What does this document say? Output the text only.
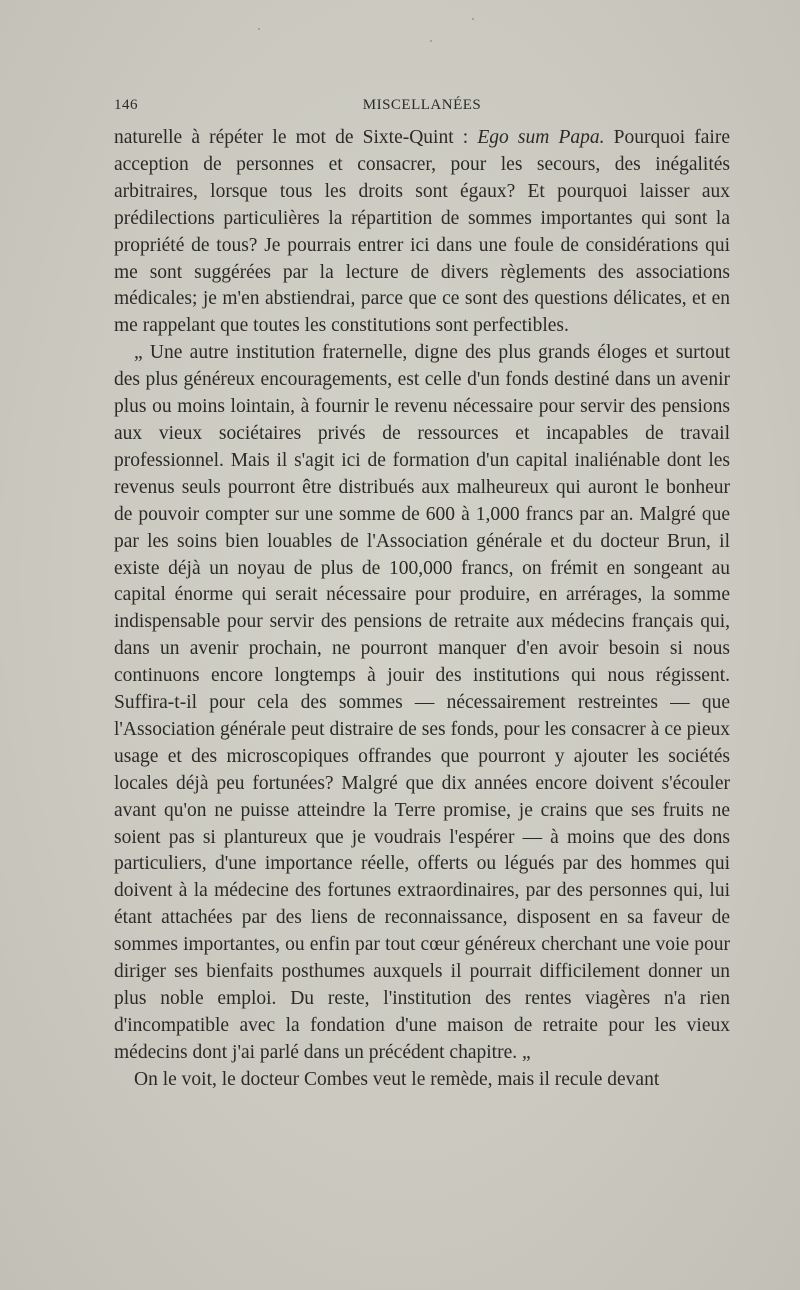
146	MISCELLANÉES

naturelle à répéter le mot de Sixte-Quint : Ego sum Papa. Pourquoi faire acception de personnes et consacrer, pour les secours, des inégalités arbitraires, lorsque tous les droits sont égaux? Et pourquoi laisser aux prédilections particulières la répartition de sommes importantes qui sont la propriété de tous? Je pourrais entrer ici dans une foule de considérations qui me sont suggérées par la lecture de divers règlements des associations médicales; je m'en abstiendrai, parce que ce sont des questions délicates, et en me rappelant que toutes les constitutions sont perfectibles.

„ Une autre institution fraternelle, digne des plus grands éloges et surtout des plus généreux encouragements, est celle d'un fonds destiné dans un avenir plus ou moins lointain, à fournir le revenu nécessaire pour servir des pensions aux vieux sociétaires privés de ressources et incapables de travail professionnel. Mais il s'agit ici de formation d'un capital inaliénable dont les revenus seuls pourront être distribués aux malheureux qui auront le bonheur de pouvoir compter sur une somme de 600 à 1,000 francs par an. Malgré que par les soins bien louables de l'Association générale et du docteur Brun, il existe déjà un noyau de plus de 100,000 francs, on frémit en songeant au capital énorme qui serait nécessaire pour produire, en arrérages, la somme indispensable pour servir des pensions de retraite aux médecins français qui, dans un avenir prochain, ne pourront manquer d'en avoir besoin si nous continuons encore longtemps à jouir des institutions qui nous régissent. Suffira-t-il pour cela des sommes — nécessairement restreintes — que l'Association générale peut distraire de ses fonds, pour les consacrer à ce pieux usage et des microscopiques offrandes que pourront y ajouter les sociétés locales déjà peu fortunées? Malgré que dix années encore doivent s'écouler avant qu'on ne puisse atteindre la Terre promise, je crains que ses fruits ne soient pas si plantureux que je voudrais l'espérer — à moins que des dons particuliers, d'une importance réelle, offerts ou légués par des hommes qui doivent à la médecine des fortunes extraordinaires, par des personnes qui, lui étant attachées par des liens de reconnaissance, disposent en sa faveur de sommes importantes, ou enfin par tout cœur généreux cherchant une voie pour diriger ses bienfaits posthumes auxquels il pourrait difficilement donner un plus noble emploi. Du reste, l'institution des rentes viagères n'a rien d'incompatible avec la fondation d'une maison de retraite pour les vieux médecins dont j'ai parlé dans un précédent chapitre. „

On le voit, le docteur Combes veut le remède, mais il recule devant
